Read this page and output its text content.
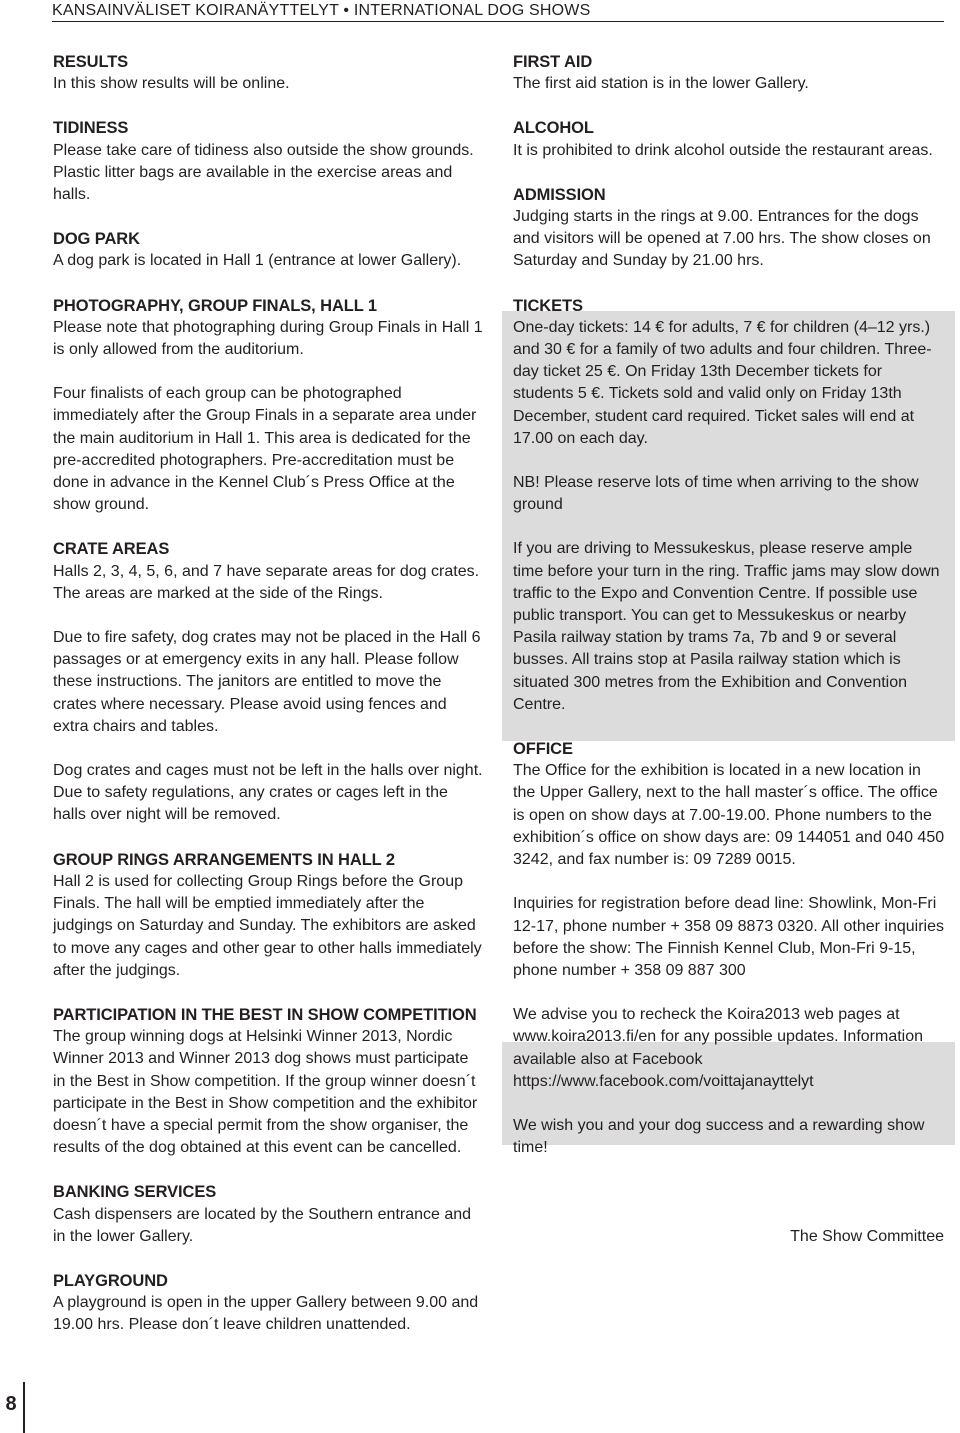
KANSAINVÄLISET KOIRANÄYTTELYT • INTERNATIONAL DOG SHOWS
RESULTS

In this show results will be online.

TIDINESS

Please take care of tidiness also outside the show grounds. Plastic litter bags are available in the exercise areas and halls.

DOG PARK

A dog park is located in Hall 1 (entrance at lower Gallery).

PHOTOGRAPHY, GROUP FINALS, HALL 1

Please note that photographing during Group Finals in Hall 1 is only allowed from the auditorium.

Four finalists of each group can be photographed immediately after the Group Finals in a separate area under the main auditorium in Hall 1. This area is dedicated for the pre-accredited photographers. Pre-accreditation must be done in advance in the Kennel Club´s Press Office at the show ground.

CRATE AREAS

Halls 2, 3, 4, 5, 6, and 7 have separate areas for dog crates. The areas are marked at the side of the Rings.

Due to fire safety, dog crates may not be placed in the Hall 6 passages or at emergency exits in any hall. Please follow these instructions. The janitors are entitled to move the crates where necessary. Please avoid using fences and extra chairs and tables.

Dog crates and cages must not be left in the halls over night. Due to safety regulations, any crates or cages left in the halls over night will be removed.

GROUP RINGS ARRANGEMENTS IN HALL 2

Hall 2 is used for collecting Group Rings before the Group Finals. The hall will be emptied immediately after the judgings on Saturday and Sunday. The exhibitors are asked to move any cages and other gear to other halls immediately after the judgings.

PARTICIPATION IN THE BEST IN SHOW COMPETITION

The group winning dogs at Helsinki Winner 2013, Nordic Winner 2013 and Winner 2013 dog shows must participate in the Best in Show competition. If the group winner doesn´t participate in the Best in Show competition and the exhibitor doesn´t have a special permit from the show organiser, the results of the dog obtained at this event can be cancelled.

BANKING SERVICES

Cash dispensers are located by the Southern entrance and in the lower Gallery.

PLAYGROUND

A playground is open in the upper Gallery between 9.00 and 19.00 hrs. Please don´t leave children unattended.

FIRST AID

The first aid station is in the lower Gallery.

ALCOHOL

It is prohibited to drink alcohol outside the restaurant areas.

ADMISSION

Judging starts in the rings at 9.00. Entrances for the dogs and visitors will be opened at 7.00 hrs. The show closes on Saturday and Sunday by 21.00 hrs.

TICKETS

One-day tickets: 14 € for adults, 7 € for children (4–12 yrs.) and 30 € for a family of two adults and four children. Three-day ticket 25 €. On Friday 13th December tickets for students 5 €. Tickets sold and valid only on Friday 13th December, student card required. Ticket sales will end at 17.00 on each day.

NB! Please reserve lots of time when arriving to the show ground

If you are driving to Messukeskus, please reserve ample time before your turn in the ring. Traffic jams may slow down traffic to the Expo and Convention Centre. If possible use public transport. You can get to Messukeskus or nearby Pasila railway station by trams 7a, 7b and 9 or several busses. All trains stop at Pasila railway station which is situated 300 metres from the Exhibition and Convention Centre.

OFFICE

The Office for the exhibition is located in a new location in the Upper Gallery, next to the hall master´s office. The office is open on show days at 7.00-19.00. Phone numbers to the exhibition´s office on show days are: 09 144051 and 040 450 3242, and fax number is: 09 7289 0015.

Inquiries for registration before dead line: Showlink, Mon-Fri 12-17, phone number + 358 09 8873 0320. All other inquiries before the show: The Finnish Kennel Club, Mon-Fri 9-15, phone number + 358 09 887 300

We advise you to recheck the Koira2013 web pages at www.koira2013.fi/en for any possible updates. Information available also at Facebook https://www.facebook.com/voittajanayttelyt

We wish you and your dog success and a rewarding show time!

The Show Committee
8
